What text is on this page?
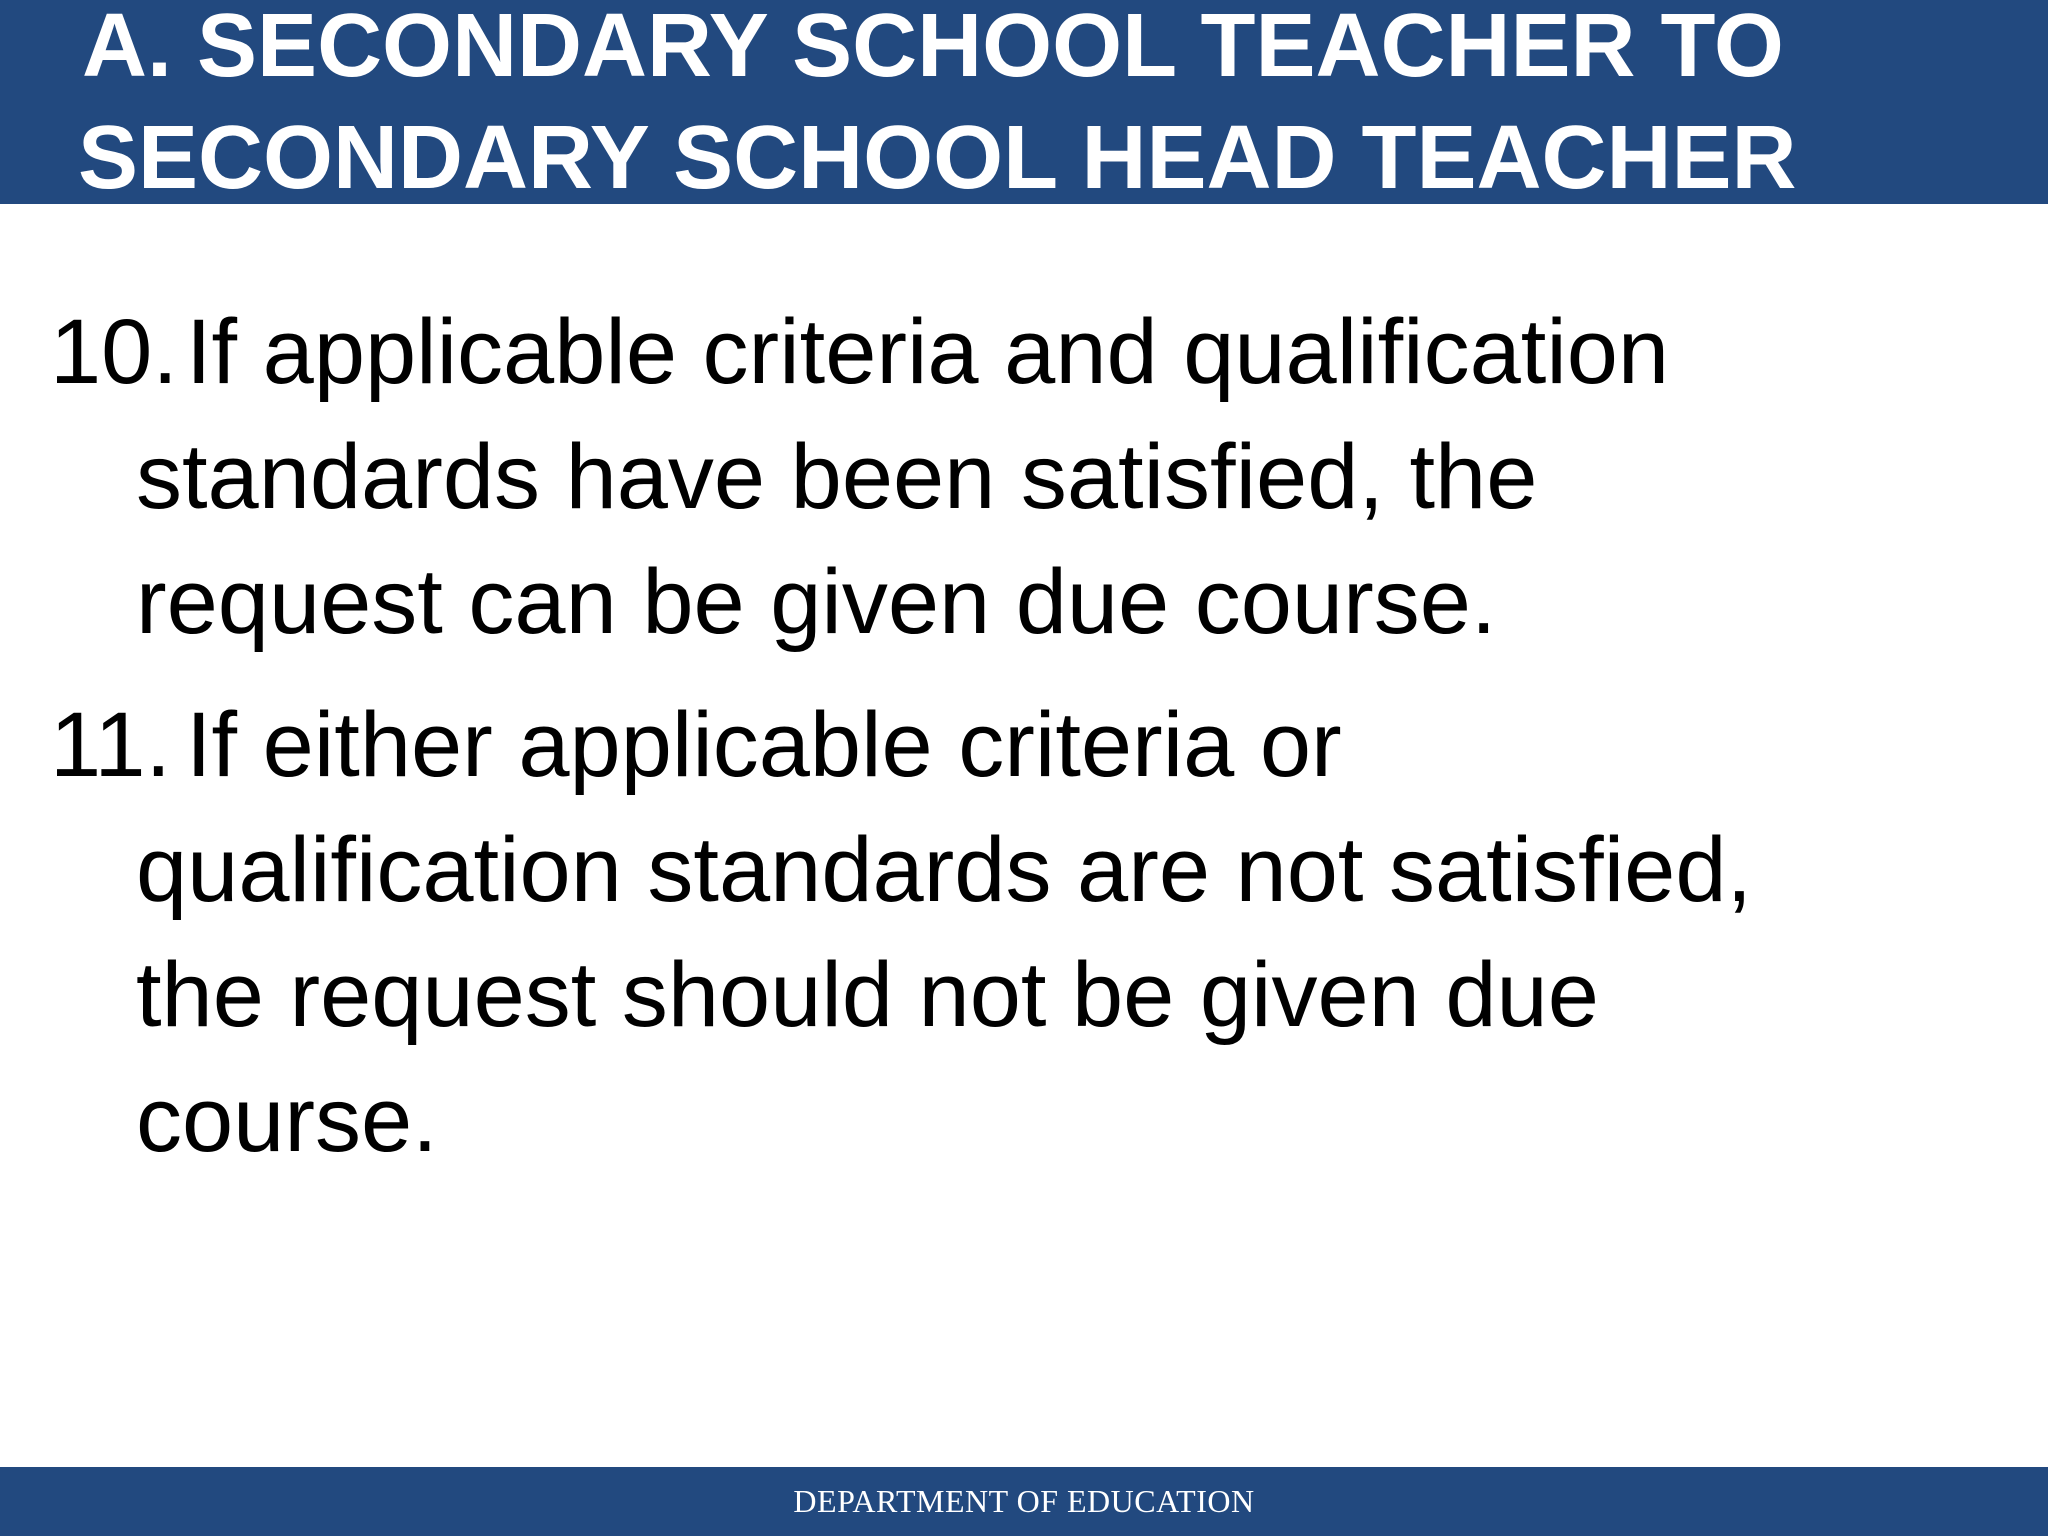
A. SECONDARY SCHOOL TEACHER TO
SECONDARY SCHOOL HEAD TEACHER
10. If applicable criteria and qualification
standards have been satisfied, the
request can be given due course.
11. If either applicable criteria or
qualification standards are not satisfied,
the request should not be given due
course.
DEPARTMENT OF EDUCATION
